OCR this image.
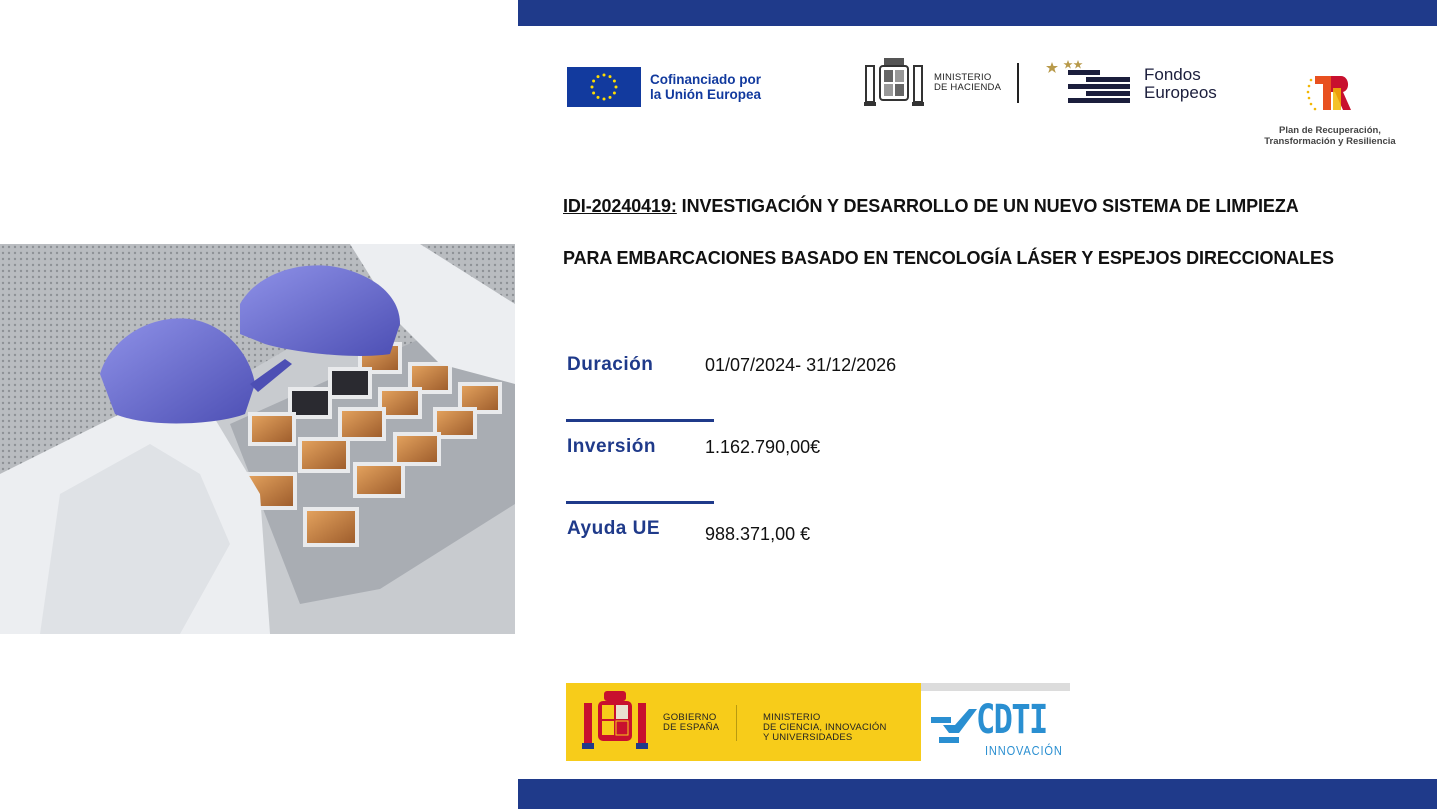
Cofinanciado por
la Unión Europea
MINISTERIO
DE HACIENDA
Fondos
Europeos
Plan de Recuperación,
Transformación y Resiliencia
IDI-20240419: INVESTIGACIÓN Y DESARROLLO DE UN NUEVO SISTEMA DE LIMPIEZA
PARA EMBARCACIONES BASADO EN TENCOLOGÍA LÁSER Y ESPEJOS DIRECCIONALES
Duración	01/07/2024- 31/12/2026
Inversión	1.162.790,00€
Ayuda UE 988.371,00 €
GOBIERNO
DE ESPAÑA
MINISTERIO
DE CIENCIA, INNOVACIÓN
Y UNIVERSIDADES	CDTI
INNOVACIÓN
